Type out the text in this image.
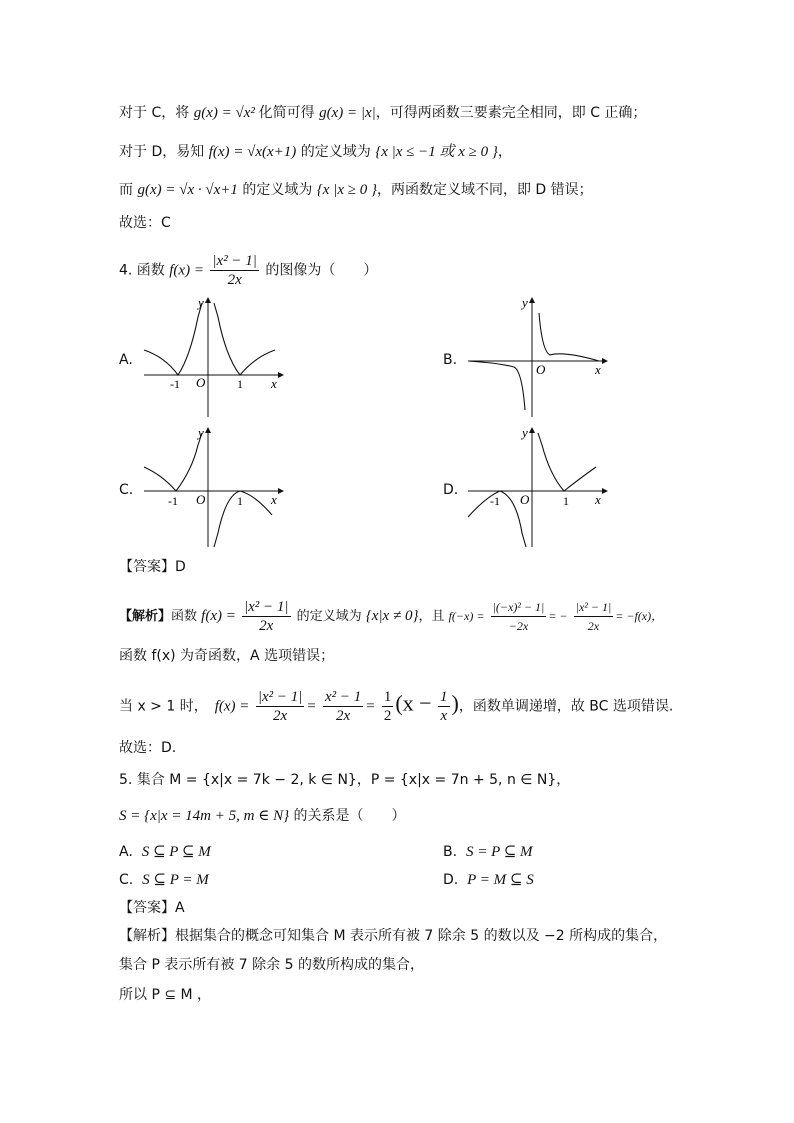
对于 C，将 g(x) = √x² 化简可得 g(x) = |x|，可得两函数三要素完全相同，即 C 正确；
对于 D，易知 f(x) = √x(x+1) 的定义域为 {x |x ≤ −1 或 x ≥ 0 }，
而 g(x) = √x · √x+1 的定义域为 {x |x ≥ 0 }，两函数定义域不同，即 D 错误；
故选：C
4. 函数 $f(x) = \frac{\text{|x² − 1|}}{2x}$ 的图像为（　　）
A.
-1	1
O	x
y
B.
O	x
y
C.
-1	1
O	x
y
D.
-1	1
O	x
y
【答案】D
【解析】函数 $f(x) = \frac{\text{|x² − 1|}}{2x}$ 的定义域为 {x|x ≠ 0}，且 $f(-x) = \frac{\text{|(−x)² − 1|}}{-2x}$ = − $\frac{\text{|x² − 1|}}{2x} = -f(x)$，
函数 f(x) 为奇函数，A 选项错误；
当 x > 1 时，　$f(x) = \frac{\text{|x² − 1|}}{2x} = \frac{\text{x² − 1}}{2x} = \frac{1}{2} (x - \frac{1}{x}$ )，函数单调递增，故 BC 选项错误.
故选：D.
5. 集合 M = {x|x = 7k − 2, k ∈ N}，P = {x|x = 7n + 5, n ∈ N}，
S = {x|x = 14m + 5, m ∈ N} 的关系是（　　）
A. S ⊆ P ⊆ M	B. S = P ⊆ M
C. S ⊆ P = M	D. P = M ⊆ S
【答案】A
【解析】根据集合的概念可知集合 M 表示所有被 7 除余 5 的数以及 −2 所构成的集合，
集合 P 表示所有被 7 除余 5 的数所构成的集合，
所以 P ⊆ M ，
